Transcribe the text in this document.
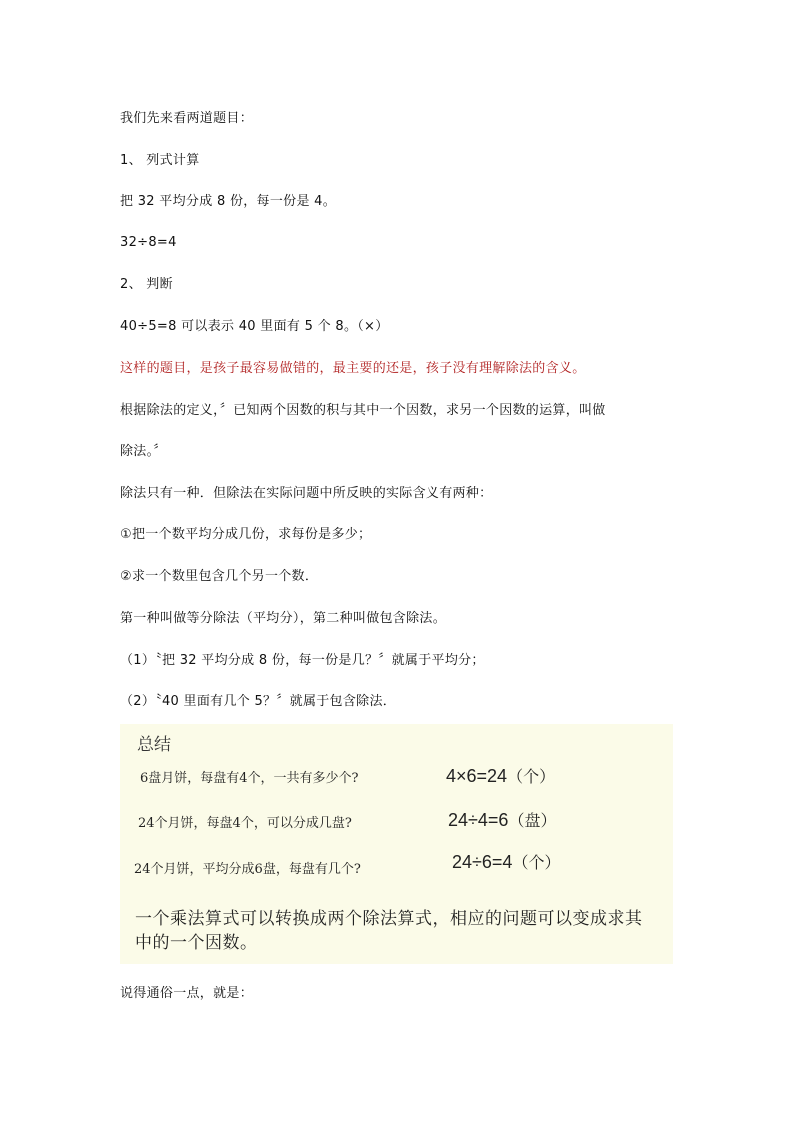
我们先来看两道题目：
1、 列式计算
把 32 平均分成 8 份，每一份是 4。
32÷8=4
2、 判断
40÷5=8 可以表示 40 里面有 5 个 8。（×）
这样的题目，是孩子最容易做错的，最主要的还是，孩子没有理解除法的含义。
根据除法的定义，〞已知两个因数的积与其中一个因数，求另一个因数的运算，叫做
除法。〞
除法只有一种．但除法在实际问题中所反映的实际含义有两种：
①把一个数平均分成几份，求每份是多少；
②求一个数里包含几个另一个数．
第一种叫做等分除法（平均分），第二种叫做包含除法。
（1）〝把 32 平均分成 8 份，每一份是几？〞就属于平均分；
（2）〝40 里面有几个 5？〞就属于包含除法．
总结
6盘月饼，每盘有4个，一共有多少个?	4×6=24（个）
24个月饼，每盘4个，可以分成几盘?	24÷4=6（盘）
24个月饼，平均分成6盘，每盘有几个?	24÷6=4（个）
一个乘法算式可以转换成两个除法算式，相应的问题可以变成求其中的一个因数。
说得通俗一点，就是：
